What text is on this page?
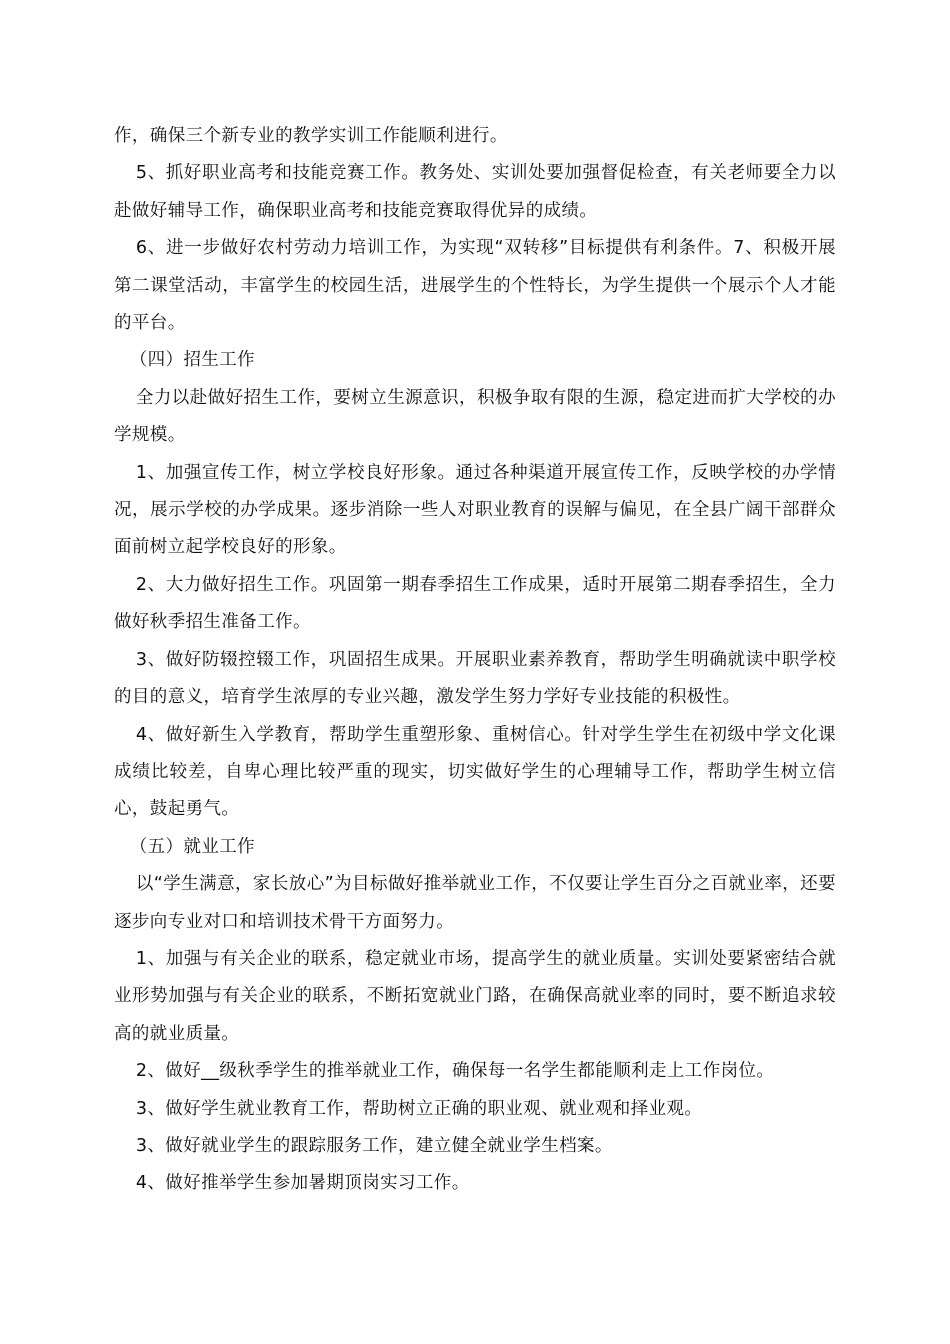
作，确保三个新专业的教学实训工作能顺利进行。

5、抓好职业高考和技能竞赛工作。教务处、实训处要加强督促检查，有关老师要全力以赴做好辅导工作，确保职业高考和技能竞赛取得优异的成绩。

6、进一步做好农村劳动力培训工作，为实现“双转移”目标提供有利条件。7、积极开展第二课堂活动，丰富学生的校园生活，进展学生的个性特长，为学生提供一个展示个人才能的平台。

（四）招生工作

全力以赴做好招生工作，要树立生源意识，积极争取有限的生源，稳定进而扩大学校的办学规模。

1、加强宣传工作，树立学校良好形象。通过各种渠道开展宣传工作，反映学校的办学情况，展示学校的办学成果。逐步消除一些人对职业教育的误解与偏见，在全县广阔干部群众面前树立起学校良好的形象。

2、大力做好招生工作。巩固第一期春季招生工作成果，适时开展第二期春季招生，全力做好秋季招生准备工作。

3、做好防辍控辍工作，巩固招生成果。开展职业素养教育，帮助学生明确就读中职学校的目的意义，培育学生浓厚的专业兴趣，激发学生努力学好专业技能的积极性。

4、做好新生入学教育，帮助学生重塑形象、重树信心。针对学生学生在初级中学文化课成绩比较差，自卑心理比较严重的现实，切实做好学生的心理辅导工作，帮助学生树立信心，鼓起勇气。

（五）就业工作

以“学生满意，家长放心”为目标做好推举就业工作，不仅要让学生百分之百就业率，还要逐步向专业对口和培训技术骨干方面努力。

1、加强与有关企业的联系，稳定就业市场，提高学生的就业质量。实训处要紧密结合就业形势加强与有关企业的联系，不断拓宽就业门路，在确保高就业率的同时，要不断追求较高的就业质量。

2、做好__级秋季学生的推举就业工作，确保每一名学生都能顺利走上工作岗位。

3、做好学生就业教育工作，帮助树立正确的职业观、就业观和择业观。

3、做好就业学生的跟踪服务工作，建立健全就业学生档案。

4、做好推举学生参加暑期顶岗实习工作。
